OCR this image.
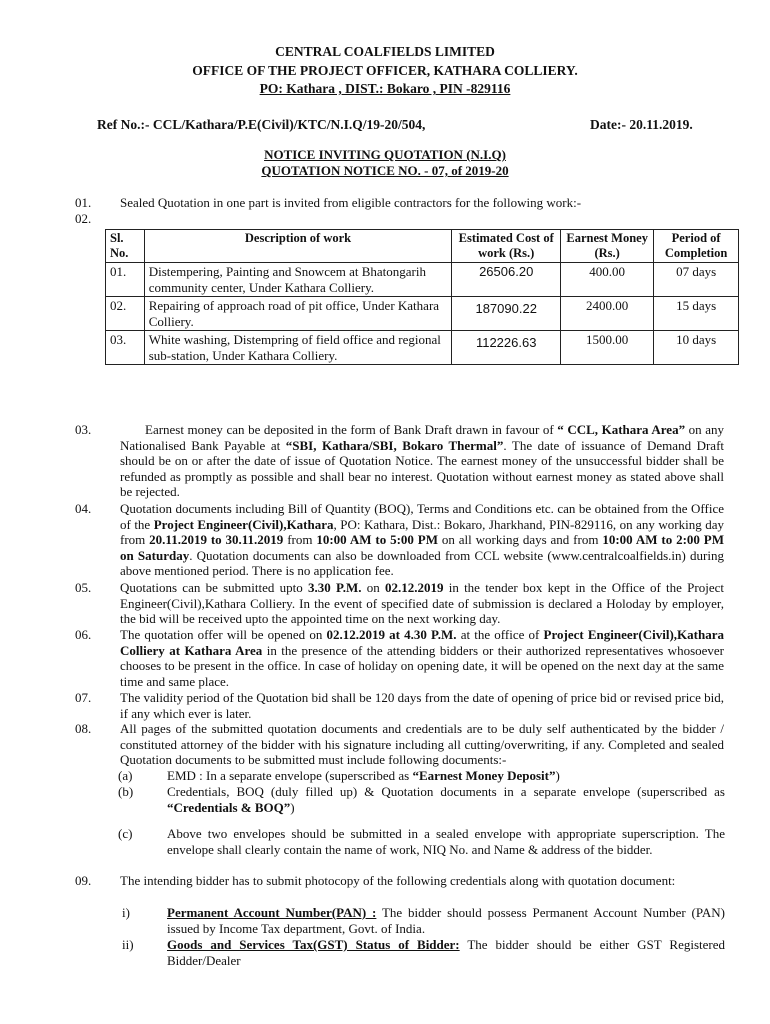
CENTRAL COALFIELDS LIMITED
OFFICE OF THE PROJECT OFFICER, KATHARA COLLIERY.
PO: Kathara , DIST.: Bokaro , PIN -829116
Ref No.:- CCL/Kathara/P.E(Civil)/KTC/N.I.Q/19-20/504,	Date:- 20.11.2019.
NOTICE INVITING QUOTATION (N.I.Q)
QUOTATION NOTICE NO. - 07, of 2019-20
01. Sealed Quotation in one part is invited from eligible contractors for the following work:-
02.
Sl. No.	Description of work	Estimated Cost of work (Rs.)	Earnest Money (Rs.)	Period of Completion
01.	Distempering, Painting and Snowcem at Bhatongarih community center, Under Kathara Colliery.	26506.20	400.00	07 days
02.	Repairing of approach road of pit office, Under Kathara Colliery.	187090.22	2400.00	15 days
03.	White washing, Distempring of field office and regional sub-station, Under Kathara Colliery.	112226.63	1500.00	10 days
03.	Earnest money can be deposited in the form of Bank Draft drawn in favour of “ CCL, Kathara Area” on any Nationalised Bank Payable at “SBI, Kathara/SBI, Bokaro Thermal”. The date of issuance of Demand Draft should be on or after the date of issue of Quotation Notice. The earnest money of the unsuccessful bidder shall be refunded as promptly as possible and shall bear no interest. Quotation without earnest money as stated above shall be rejected.
04. Quotation documents including Bill of Quantity (BOQ), Terms and Conditions etc. can be obtained from the Office of the Project Engineer(Civil),Kathara, PO: Kathara, Dist.: Bokaro, Jharkhand, PIN-829116, on any working day from 20.11.2019 to 30.11.2019 from 10:00 AM to 5:00 PM on all working days and from 10:00 AM to 2:00 PM on Saturday. Quotation documents can also be downloaded from CCL website (www.centralcoalfields.in) during above mentioned period. There is no application fee.
05. Quotations can be submitted upto 3.30 P.M. on 02.12.2019 in the tender box kept in the Office of the Project Engineer(Civil),Kathara Colliery. In the event of specified date of submission is declared a Holoday by employer, the bid will be received upto the appointed time on the next working day.
06. The quotation offer will be opened on 02.12.2019 at 4.30 P.M. at the office of Project Engineer(Civil),Kathara Colliery at Kathara Area in the presence of the attending bidders or their authorized representatives whosoever chooses to be present in the office. In case of holiday on opening date, it will be opened on the next day at the same time and same place.
07. The validity period of the Quotation bid shall be 120 days from the date of opening of price bid or revised price bid, if any which ever is later.
08. All pages of the submitted quotation documents and credentials are to be duly self authenticated by the bidder / constituted attorney of the bidder with his signature including all cutting/overwriting, if any. Completed and sealed Quotation documents to be submitted must include following documents:-
(a)	EMD : In a separate envelope (superscribed as “Earnest Money Deposit”)
(b)	Credentials, BOQ (duly filled up) & Quotation documents in a separate envelope (superscribed as “Credentials & BOQ”)
(c)	Above two envelopes should be submitted in a sealed envelope with appropriate superscription. The envelope shall clearly contain the name of work, NIQ No. and Name & address of the bidder.
09. The intending bidder has to submit photocopy of the following credentials along with quotation document:
i)	Permanent Account Number(PAN) : The bidder should possess Permanent Account Number (PAN) issued by Income Tax department, Govt. of India.
ii)	Goods and Services Tax(GST) Status of Bidder: The bidder should be either GST Registered Bidder/Dealer
